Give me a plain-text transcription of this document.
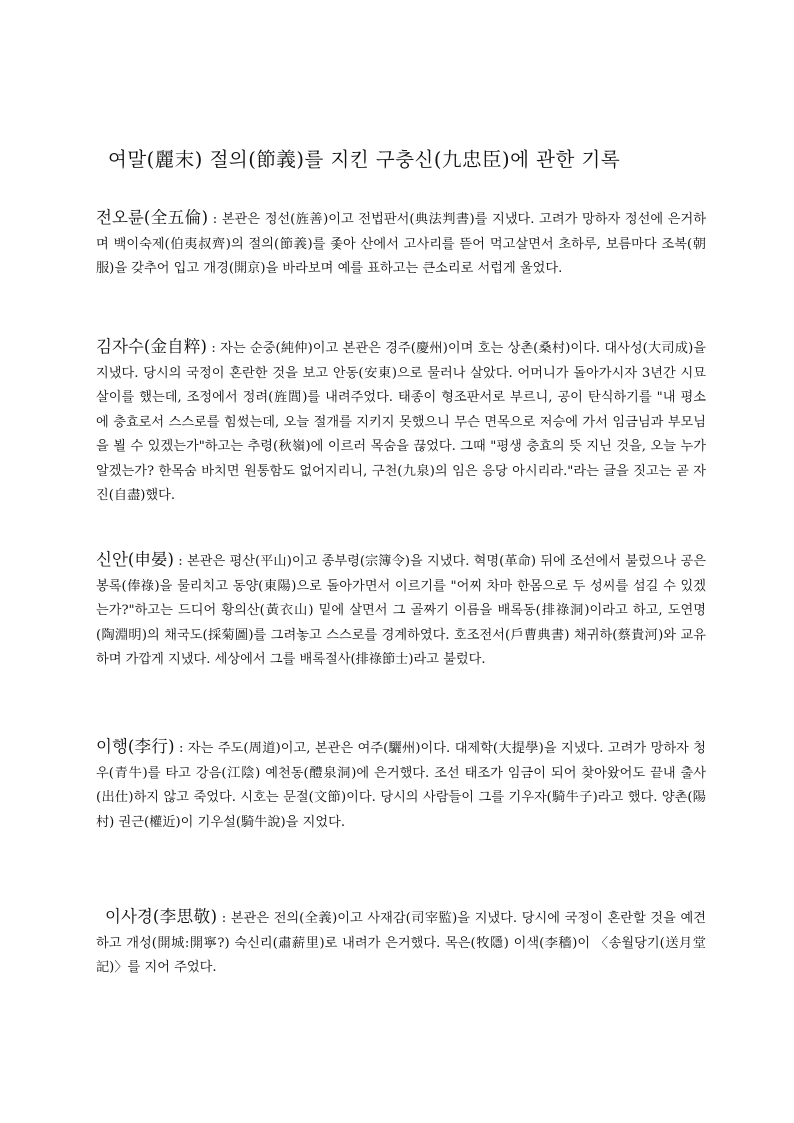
여말(麗末) 절의(節義)를 지킨 구충신(九忠臣)에 관한 기록
전오륜(全五倫) : 본관은 정선(旌善)이고 전법판서(典法判書)를 지냈다. 고려가 망하자 정선에 은거하며 백이숙제(伯夷叔齊)의 절의(節義)를 좇아 산에서 고사리를 뜯어 먹고살면서 초하루, 보름마다 조복(朝服)을 갖추어 입고 개경(開京)을 바라보며 예를 표하고는 큰소리로 서럽게 울었다.
김자수(金自粹) : 자는 순중(純仲)이고 본관은 경주(慶州)이며 호는 상촌(桑村)이다. 대사성(大司成)을 지냈다. 당시의 국정이 혼란한 것을 보고 안동(安東)으로 물러나 살았다. 어머니가 돌아가시자 3년간 시묘살이를 했는데, 조정에서 정려(旌閭)를 내려주었다. 태종이 형조판서로 부르니, 공이 탄식하기를 "내 평소에 충효로서 스스로를 힘썼는데, 오늘 절개를 지키지 못했으니 무슨 면목으로 저승에 가서 임금님과 부모님을 뵐 수 있겠는가"하고는 추령(秋嶺)에 이르러 목숨을 끊었다. 그때 "평생 충효의 뜻 지닌 것을, 오늘 누가 알겠는가? 한목숨 바치면 원통함도 없어지리니, 구천(九泉)의 임은 응당 아시리라."라는 글을 짓고는 곧 자진(自盡)했다.
신안(申晏) : 본관은 평산(平山)이고 종부령(宗簿令)을 지냈다. 혁명(革命) 뒤에 조선에서 불렀으나 공은 봉록(俸祿)을 물리치고 동양(東陽)으로 돌아가면서 이르기를 "어찌 차마 한몸으로 두 성씨를 섬길 수 있겠는가?"하고는 드디어 황의산(黃衣山) 밑에 살면서 그 골짜기 이름을 배록동(排祿洞)이라고 하고, 도연명(陶淵明)의 채국도(採菊圖)를 그려놓고 스스로를 경계하였다. 호조전서(戶曹典書) 채귀하(蔡貴河)와 교유하며 가깝게 지냈다. 세상에서 그를 배록절사(排祿節士)라고 불렀다.
이행(李行) : 자는 주도(周道)이고, 본관은 여주(驪州)이다. 대제학(大提學)을 지냈다. 고려가 망하자 청우(青牛)를 타고 강음(江陰) 예천동(醴泉洞)에 은거했다. 조선 태조가 임금이 되어 찾아왔어도 끝내 출사(出仕)하지 않고 죽었다. 시호는 문절(文節)이다. 당시의 사람들이 그를 기우자(騎牛子)라고 했다. 양촌(陽村) 권근(權近)이 기우설(騎牛說)을 지었다.
이사경(李思敬) : 본관은 전의(全義)이고 사재감(司宰監)을 지냈다. 당시에 국정이 혼란할 것을 예견하고 개성(開城:開寧?) 숙신리(肅薪里)로 내려가 은거했다. 목은(牧隱) 이색(李穡)이 〈송월당기(送月堂記)〉를 지어 주었다.
